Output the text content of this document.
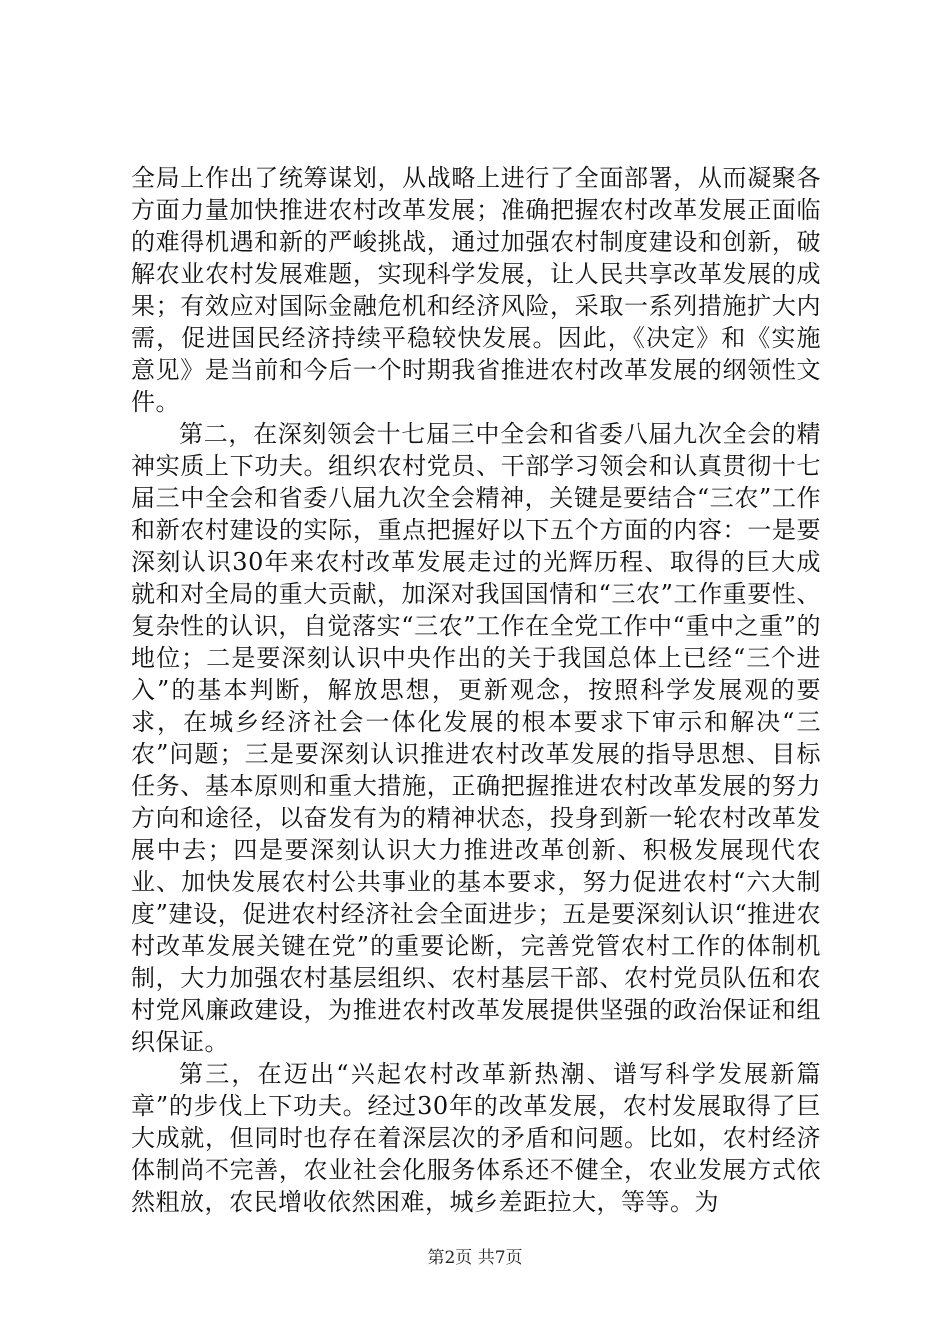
全局上作出了统筹谋划，从战略上进行了全面部署，从而凝聚各方面力量加快推进农村改革发展；准确把握农村改革发展正面临的难得机遇和新的严峻挑战，通过加强农村制度建设和创新，破解农业农村发展难题，实现科学发展，让人民共享改革发展的成果；有效应对国际金融危机和经济风险，采取一系列措施扩大内需，促进国民经济持续平稳较快发展。因此，《决定》和《实施意见》是当前和今后一个时期我省推进农村改革发展的纲领性文件。

第二，在深刻领会十七届三中全会和省委八届九次全会的精神实质上下功夫。组织农村党员、干部学习领会和认真贯彻十七届三中全会和省委八届九次全会精神，关键是要结合“三农”工作和新农村建设的实际，重点把握好以下五个方面的内容：一是要深刻认识30年来农村改革发展走过的光辉历程、取得的巨大成就和对全局的重大贡献，加深对我国国情和“三农”工作重要性、复杂性的认识，自觉落实“三农”工作在全党工作中“重中之重”的地位；二是要深刻认识中央作出的关于我国总体上已经“三个进入”的基本判断，解放思想，更新观念，按照科学发展观的要求，在城乡经济社会一体化发展的根本要求下审示和解决“三农”问题；三是要深刻认识推进农村改革发展的指导思想、目标任务、基本原则和重大措施，正确把握推进农村改革发展的努力方向和途径，以奋发有为的精神状态，投身到新一轮农村改革发展中去；四是要深刻认识大力推进改革创新、积极发展现代农业、加快发展农村公共事业的基本要求，努力促进农村“六大制度”建设，促进农村经济社会全面进步；五是要深刻认识“推进农村改革发展关键在党”的重要论断，完善党管农村工作的体制机制，大力加强农村基层组织、农村基层干部、农村党员队伍和农村党风廉政建设，为推进农村改革发展提供坚强的政治保证和组织保证。

第三，在迈出“兴起农村改革新热潮、谱写科学发展新篇章”的步伐上下功夫。经过30年的改革发展，农村发展取得了巨大成就，但同时也存在着深层次的矛盾和问题。比如，农村经济体制尚不完善，农业社会化服务体系还不健全，农业发展方式依然粗放，农民增收依然困难，城乡差距拉大，等等。为

第2页 共7页
